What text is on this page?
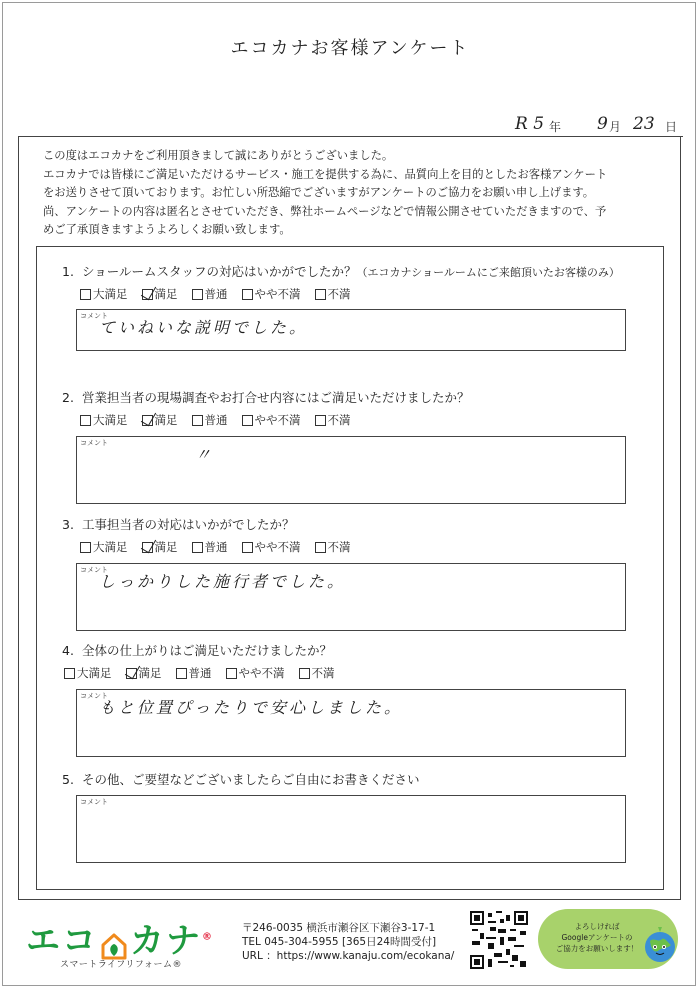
エコカナお客様アンケート
R 5 年 9 月 23 日
この度はエコカナをご利用頂きまして誠にありがとうございました。
エコカナでは皆様にご満足いただけるサービス・施工を提供する為に、品質向上を目的としたお客様アンケート
をお送りさせて頂いております。お忙しい所恐縮でございますがアンケートのご協力をお願い申し上げます。
尚、アンケートの内容は匿名とさせていただき、弊社ホームページなどで情報公開させていただきますので、予
めご了承頂きますようよろしくお願い致します。
1. ショールームスタッフの対応はいかがでしたか？（エコカナショールームにご来館頂いたお客様のみ）
大満足 満足 普通 やや不満 不満
コメント
ていねいな説明でした。
2. 営業担当者の現場調査やお打合せ内容にはご満足いただけましたか？
大満足 満足 普通 やや不満 不満
コメント
〃
3. 工事担当者の対応はいかがでしたか？
大満足 満足 普通 やや不満 不満
コメント
しっかりした施行者でした。
4. 全体の仕上がりはご満足いただけましたか？
大満足 満足 普通 やや不満 不満
コメント
もと位置ぴったりで安心しました。
5. その他、ご要望などございましたらご自由にお書きください
コメント
エコ カナ®
スマートライフリフォーム®
〒246-0035 横浜市瀬谷区下瀬谷3-17-1
TEL 045-304-5955 [365日24時間受付]
URL ：https://www.kanaju.com/ecokana/
よろしければ
Googleアンケートの
ご協力をお願いします！
